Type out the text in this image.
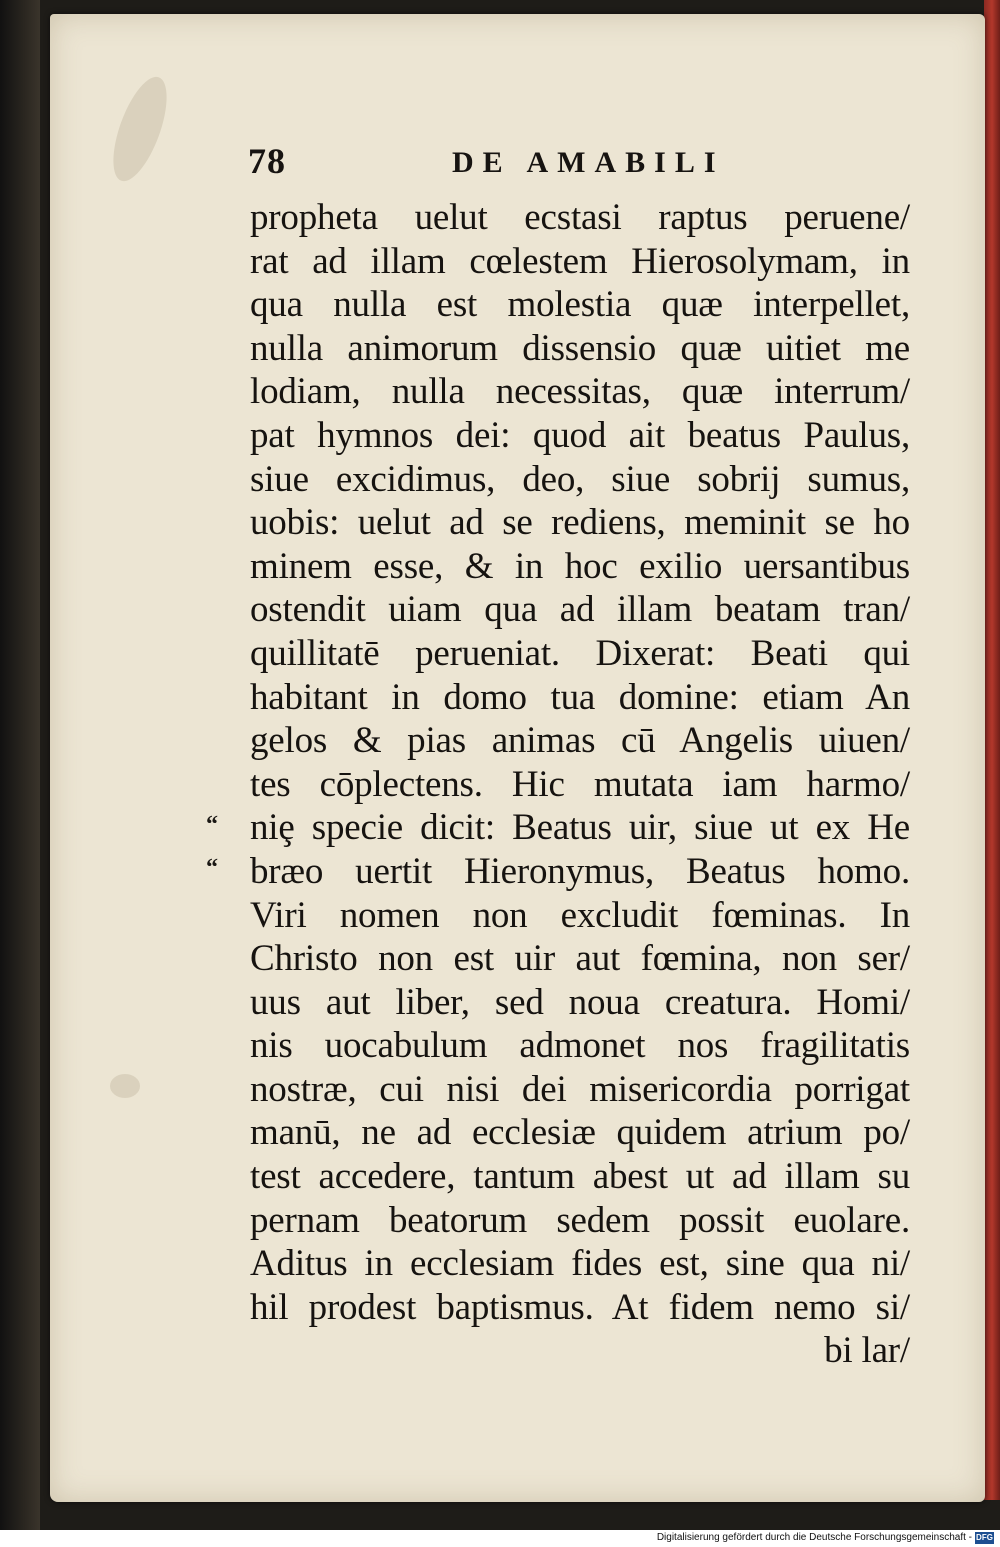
78	DE AMABILI
propheta uelut ecstasi raptus peruene/
rat ad illam cœlestem Hierosolymam, in
qua nulla est molestia quæ interpellet,
nulla animorum dissensio quæ uitiet me
lodiam, nulla necessitas, quæ interrum/
pat hymnos dei: quod ait beatus Paulus,
siue excidimus, deo, siue sobrij sumus,
uobis: uelut ad se rediens, meminit se ho
minem esse, & in hoc exilio uersantibus
ostendit uiam qua ad illam beatam tran/
quillitatē perueniat. Dixerat: Beati qui
habitant in domo tua domine: etiam An
gelos & pias animas cū Angelis uiuen/
tes cōplectens. Hic mutata iam harmo/
niȩ specie dicit: Beatus uir, siue ut ex He
bræo uertit Hieronymus, Beatus homo.
Viri nomen non excludit fœminas. In
Christo non est uir aut fœmina, non ser/
uus aut liber, sed noua creatura. Homi/
nis uocabulum admonet nos fragilitatis
nostræ, cui nisi dei misericordia porrigat
manū, ne ad ecclesiæ quidem atrium po/
test accedere, tantum abest ut ad illam su
pernam beatorum sedem possit euolare.
Aditus in ecclesiam fides est, sine qua ni/
hil prodest baptismus. At fidem nemo si/
bi lar/
“
“
Digitalisierung gefördert durch die Deutsche Forschungsgemeinschaft - DFG
